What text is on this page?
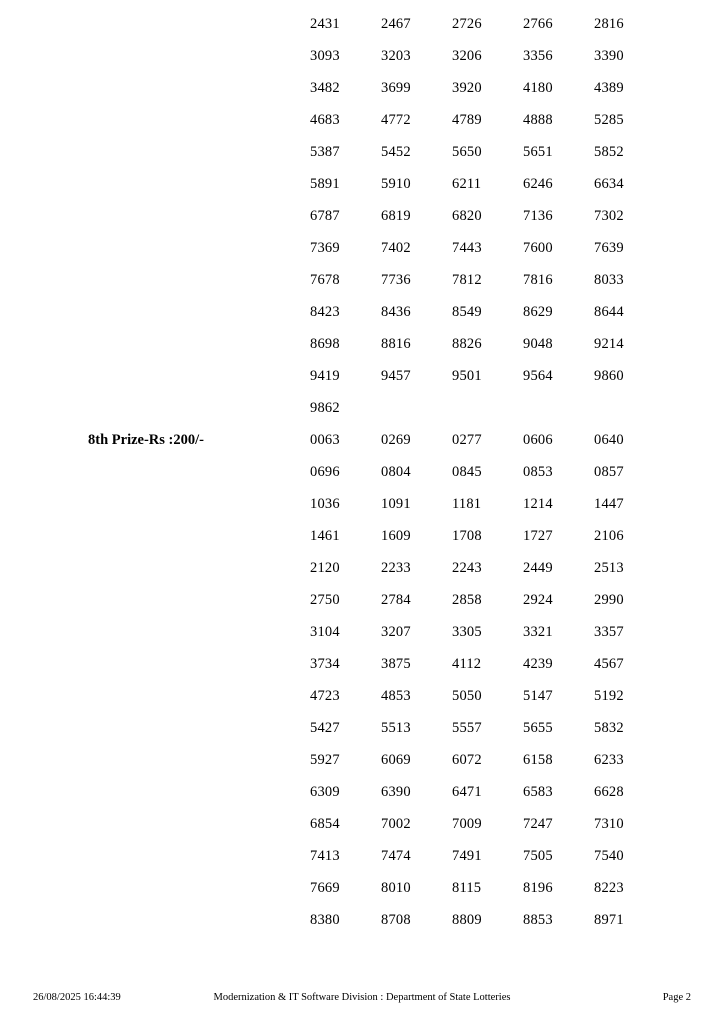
2431	2467	2726	2766	2816
3093	3203	3206	3356	3390
3482	3699	3920	4180	4389
4683	4772	4789	4888	5285
5387	5452	5650	5651	5852
5891	5910	6211	6246	6634
6787	6819	6820	7136	7302
7369	7402	7443	7600	7639
7678	7736	7812	7816	8033
8423	8436	8549	8629	8644
8698	8816	8826	9048	9214
9419	9457	9501	9564	9860
9862
8th Prize-Rs :200/-	0063	0269	0277	0606	0640
0696	0804	0845	0853	0857
1036	1091	1181	1214	1447
1461	1609	1708	1727	2106
2120	2233	2243	2449	2513
2750	2784	2858	2924	2990
3104	3207	3305	3321	3357
3734	3875	4112	4239	4567
4723	4853	5050	5147	5192
5427	5513	5557	5655	5832
5927	6069	6072	6158	6233
6309	6390	6471	6583	6628
6854	7002	7009	7247	7310
7413	7474	7491	7505	7540
7669	8010	8115	8196	8223
8380	8708	8809	8853	8971
26/08/2025 16:44:39	Modernization & IT Software Division : Department of State Lotteries	Page 2
